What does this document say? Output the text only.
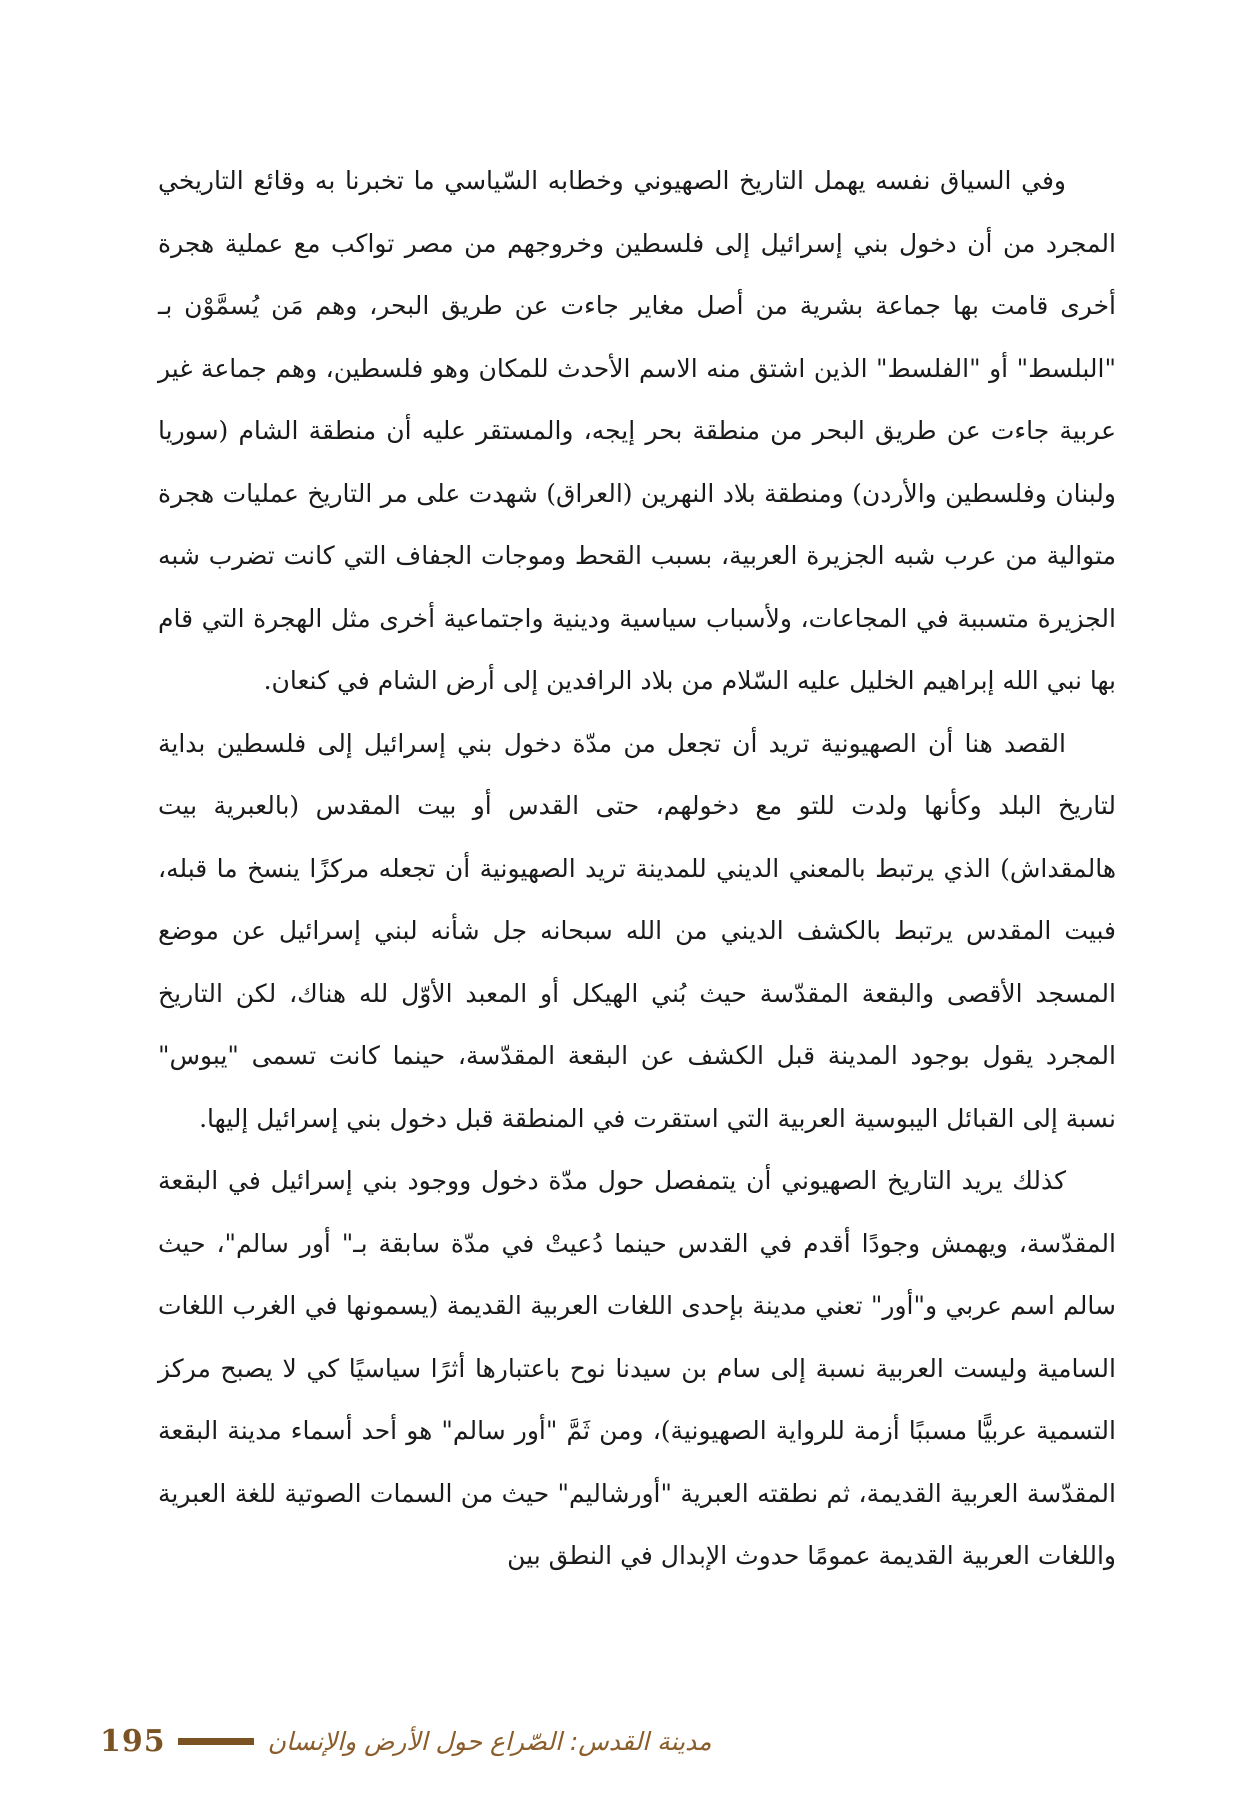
وفي السياق نفسه يهمل التاريخ الصهيوني وخطابه السّياسي ما تخبرنا به وقائع التاريخي المجرد من أن دخول بني إسرائيل إلى فلسطين وخروجهم من مصر تواكب مع عملية هجرة أخرى قامت بها جماعة بشرية من أصل مغاير جاءت عن طريق البحر، وهم مَن يُسمَّوْن بـ "البلسط" أو "الفلسط" الذين اشتق منه الاسم الأحدث للمكان وهو فلسطين، وهم جماعة غير عربية جاءت عن طريق البحر من منطقة بحر إيجه، والمستقر عليه أن منطقة الشام (سوريا ولبنان وفلسطين والأردن) ومنطقة بلاد النهرين (العراق) شهدت على مر التاريخ عمليات هجرة متوالية من عرب شبه الجزيرة العربية، بسبب القحط وموجات الجفاف التي كانت تضرب شبه الجزيرة متسببة في المجاعات، ولأسباب سياسية ودينية واجتماعية أخرى مثل الهجرة التي قام بها نبي الله إبراهيم الخليل عليه السّلام من بلاد الرافدين إلى أرض الشام في كنعان.

القصد هنا أن الصهيونية تريد أن تجعل من مدّة دخول بني إسرائيل إلى فلسطين بداية لتاريخ البلد وكأنها ولدت للتو مع دخولهم، حتى القدس أو بيت المقدس (بالعبرية بيت هالمقداش) الذي يرتبط بالمعني الديني للمدينة تريد الصهيونية أن تجعله مركزًا ينسخ ما قبله، فبيت المقدس يرتبط بالكشف الديني من الله سبحانه جل شأنه لبني إسرائيل عن موضع المسجد الأقصى والبقعة المقدّسة حيث بُني الهيكل أو المعبد الأوّل لله هناك، لكن التاريخ المجرد يقول بوجود المدينة قبل الكشف عن البقعة المقدّسة، حينما كانت تسمى "يبوس" نسبة إلى القبائل اليبوسية العربية التي استقرت في المنطقة قبل دخول بني إسرائيل إليها.

كذلك يريد التاريخ الصهيوني أن يتمفصل حول مدّة دخول ووجود بني إسرائيل في البقعة المقدّسة، ويهمش وجودًا أقدم في القدس حينما دُعيتْ في مدّة سابقة بـ" أور سالم"، حيث سالم اسم عربي و"أور" تعني مدينة بإحدى اللغات العربية القديمة (يسمونها في الغرب اللغات السامية وليست العربية نسبة إلى سام بن سيدنا نوح باعتبارها أثرًا سياسيًا كي لا يصبح مركز التسمية عربيًّا مسببًا أزمة للرواية الصهيونية)، ومن ثَمَّ "أور سالم" هو أحد أسماء مدينة البقعة المقدّسة العربية القديمة، ثم نطقته العبرية "أورشاليم" حيث من السمات الصوتية للغة العبرية واللغات العربية القديمة عمومًا حدوث الإبدال في النطق بين

195	مدينة القدس: الصّراع حول الأرض والإنسان
